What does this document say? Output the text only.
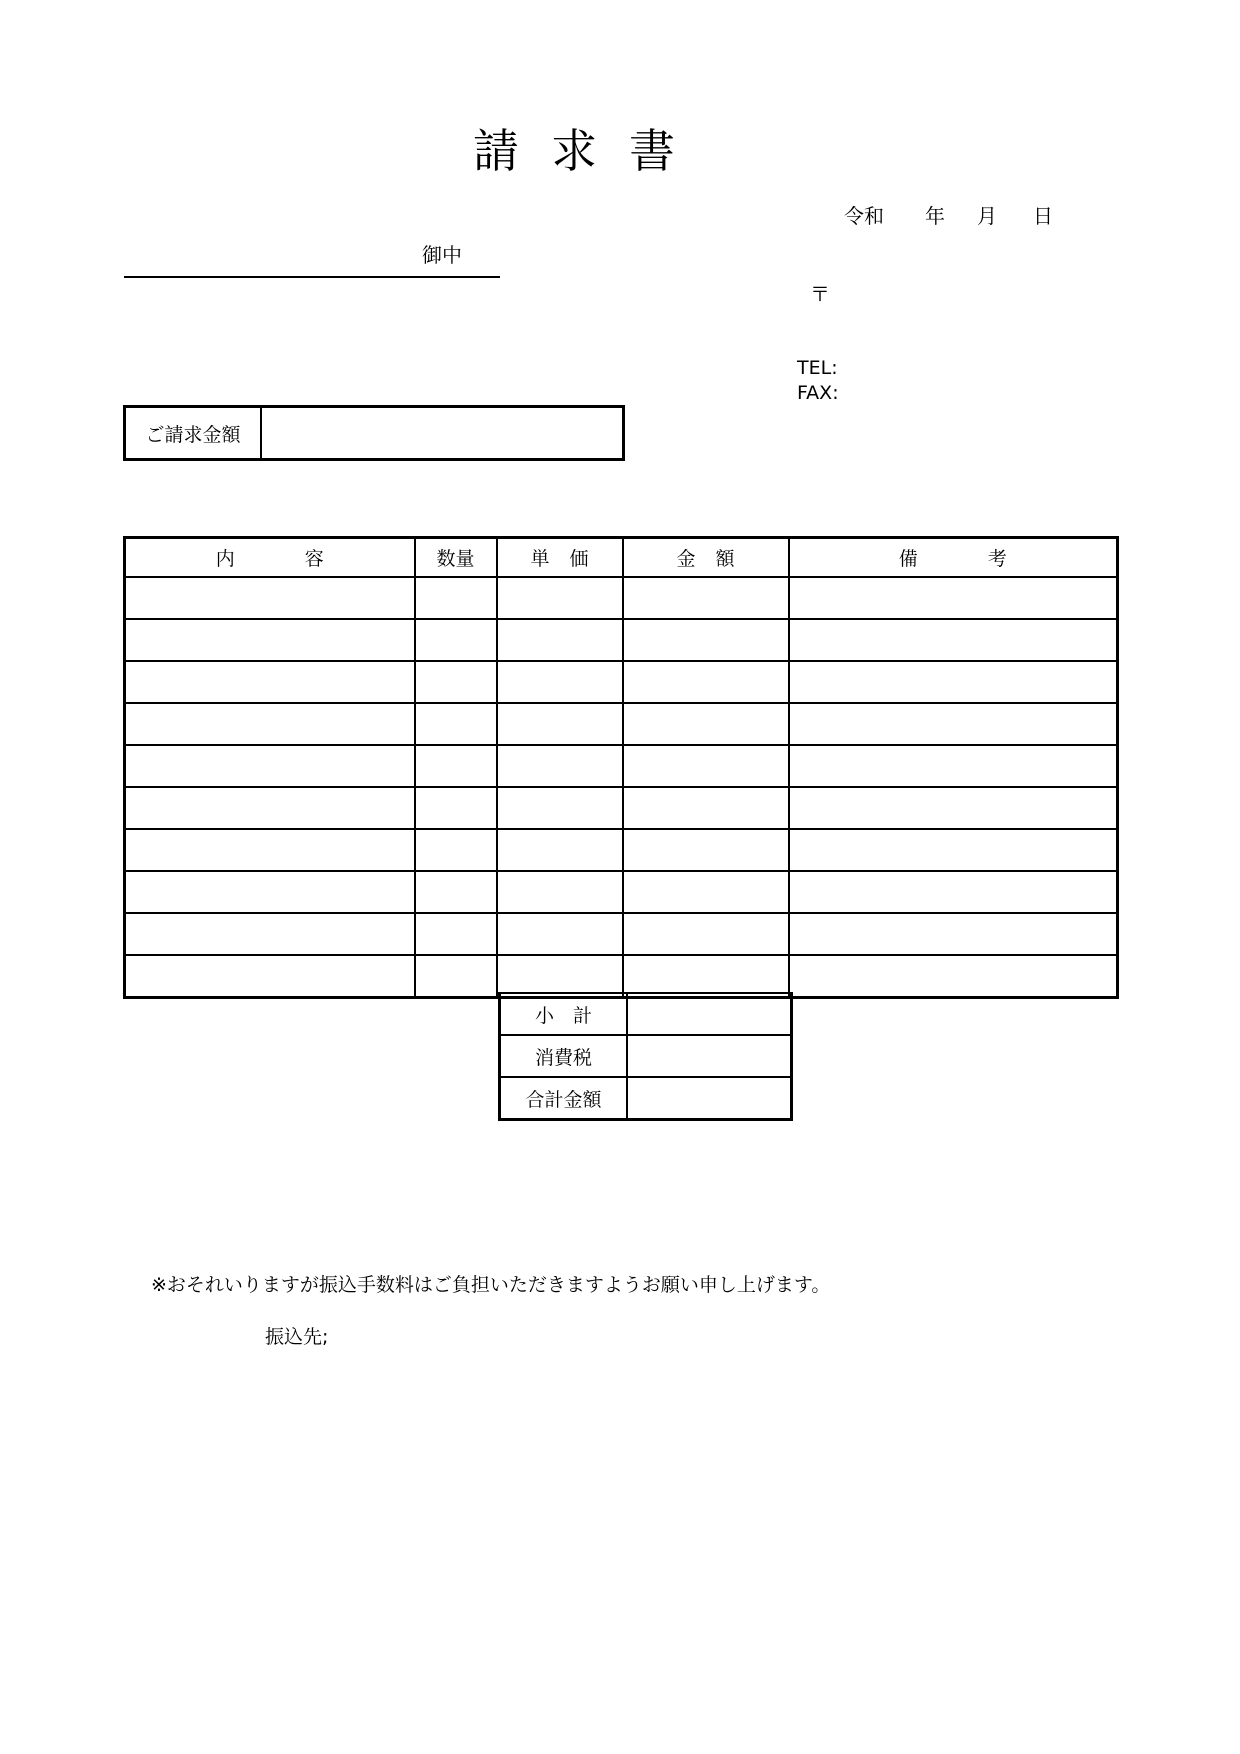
請求書
令和 年 月 日
御中
〒
TEL:
FAX:
ご請求金額
内容	数量	単価	金額	備考

小　計	
消費税	
合計金額	
※おそれいりますが振込手数料はご負担いただきますようお願い申し上げます。
振込先;
